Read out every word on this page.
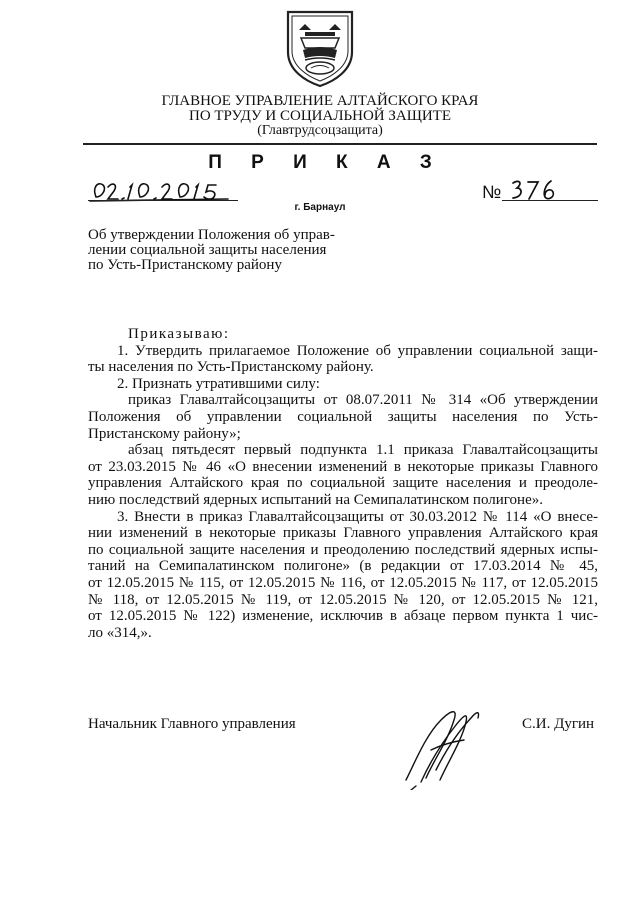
ГЛАВНОЕ УПРАВЛЕНИЕ АЛТАЙСКОГО КРАЯ
ПО ТРУДУ И СОЦИАЛЬНОЙ ЗАЩИТЕ
(Главтрудсоцзащита)
П Р И К А З
г. Барнаул
№
Об утверждении Положения об управ-
лении социальной защиты населения
по Усть-Пристанскому району
Приказываю:
1. Утвердить прилагаемое Положение об управлении социальной защи-
ты населения по Усть-Пристанскому району.
2. Признать утратившими силу:
приказ Главалтайсоцзащиты от 08.07.2011 № 314 «Об утверждении
Положения об управлении социальной защиты населения по Усть-
Пристанскому району»;
абзац пятьдесят первый подпункта 1.1 приказа Главалтайсоцзащиты
от 23.03.2015 № 46 «О внесении изменений в некоторые приказы Главного
управления Алтайского края по социальной защите населения и преодоле-
нию последствий ядерных испытаний на Семипалатинском полигоне».
3. Внести в приказ Главалтайсоцзащиты от 30.03.2012 № 114 «О внесе-
нии изменений в некоторые приказы Главного управления Алтайского края
по социальной защите населения и преодолению последствий ядерных испы-
таний на Семипалатинском полигоне» (в редакции от 17.03.2014 № 45,
от 12.05.2015 № 115, от 12.05.2015 № 116, от 12.05.2015 № 117, от 12.05.2015
№ 118, от 12.05.2015 № 119, от 12.05.2015 № 120, от 12.05.2015 № 121,
от 12.05.2015 № 122) изменение, исключив в абзаце первом пункта 1 чис-
ло «314,».
Начальник Главного управления	С.И. Дугин
